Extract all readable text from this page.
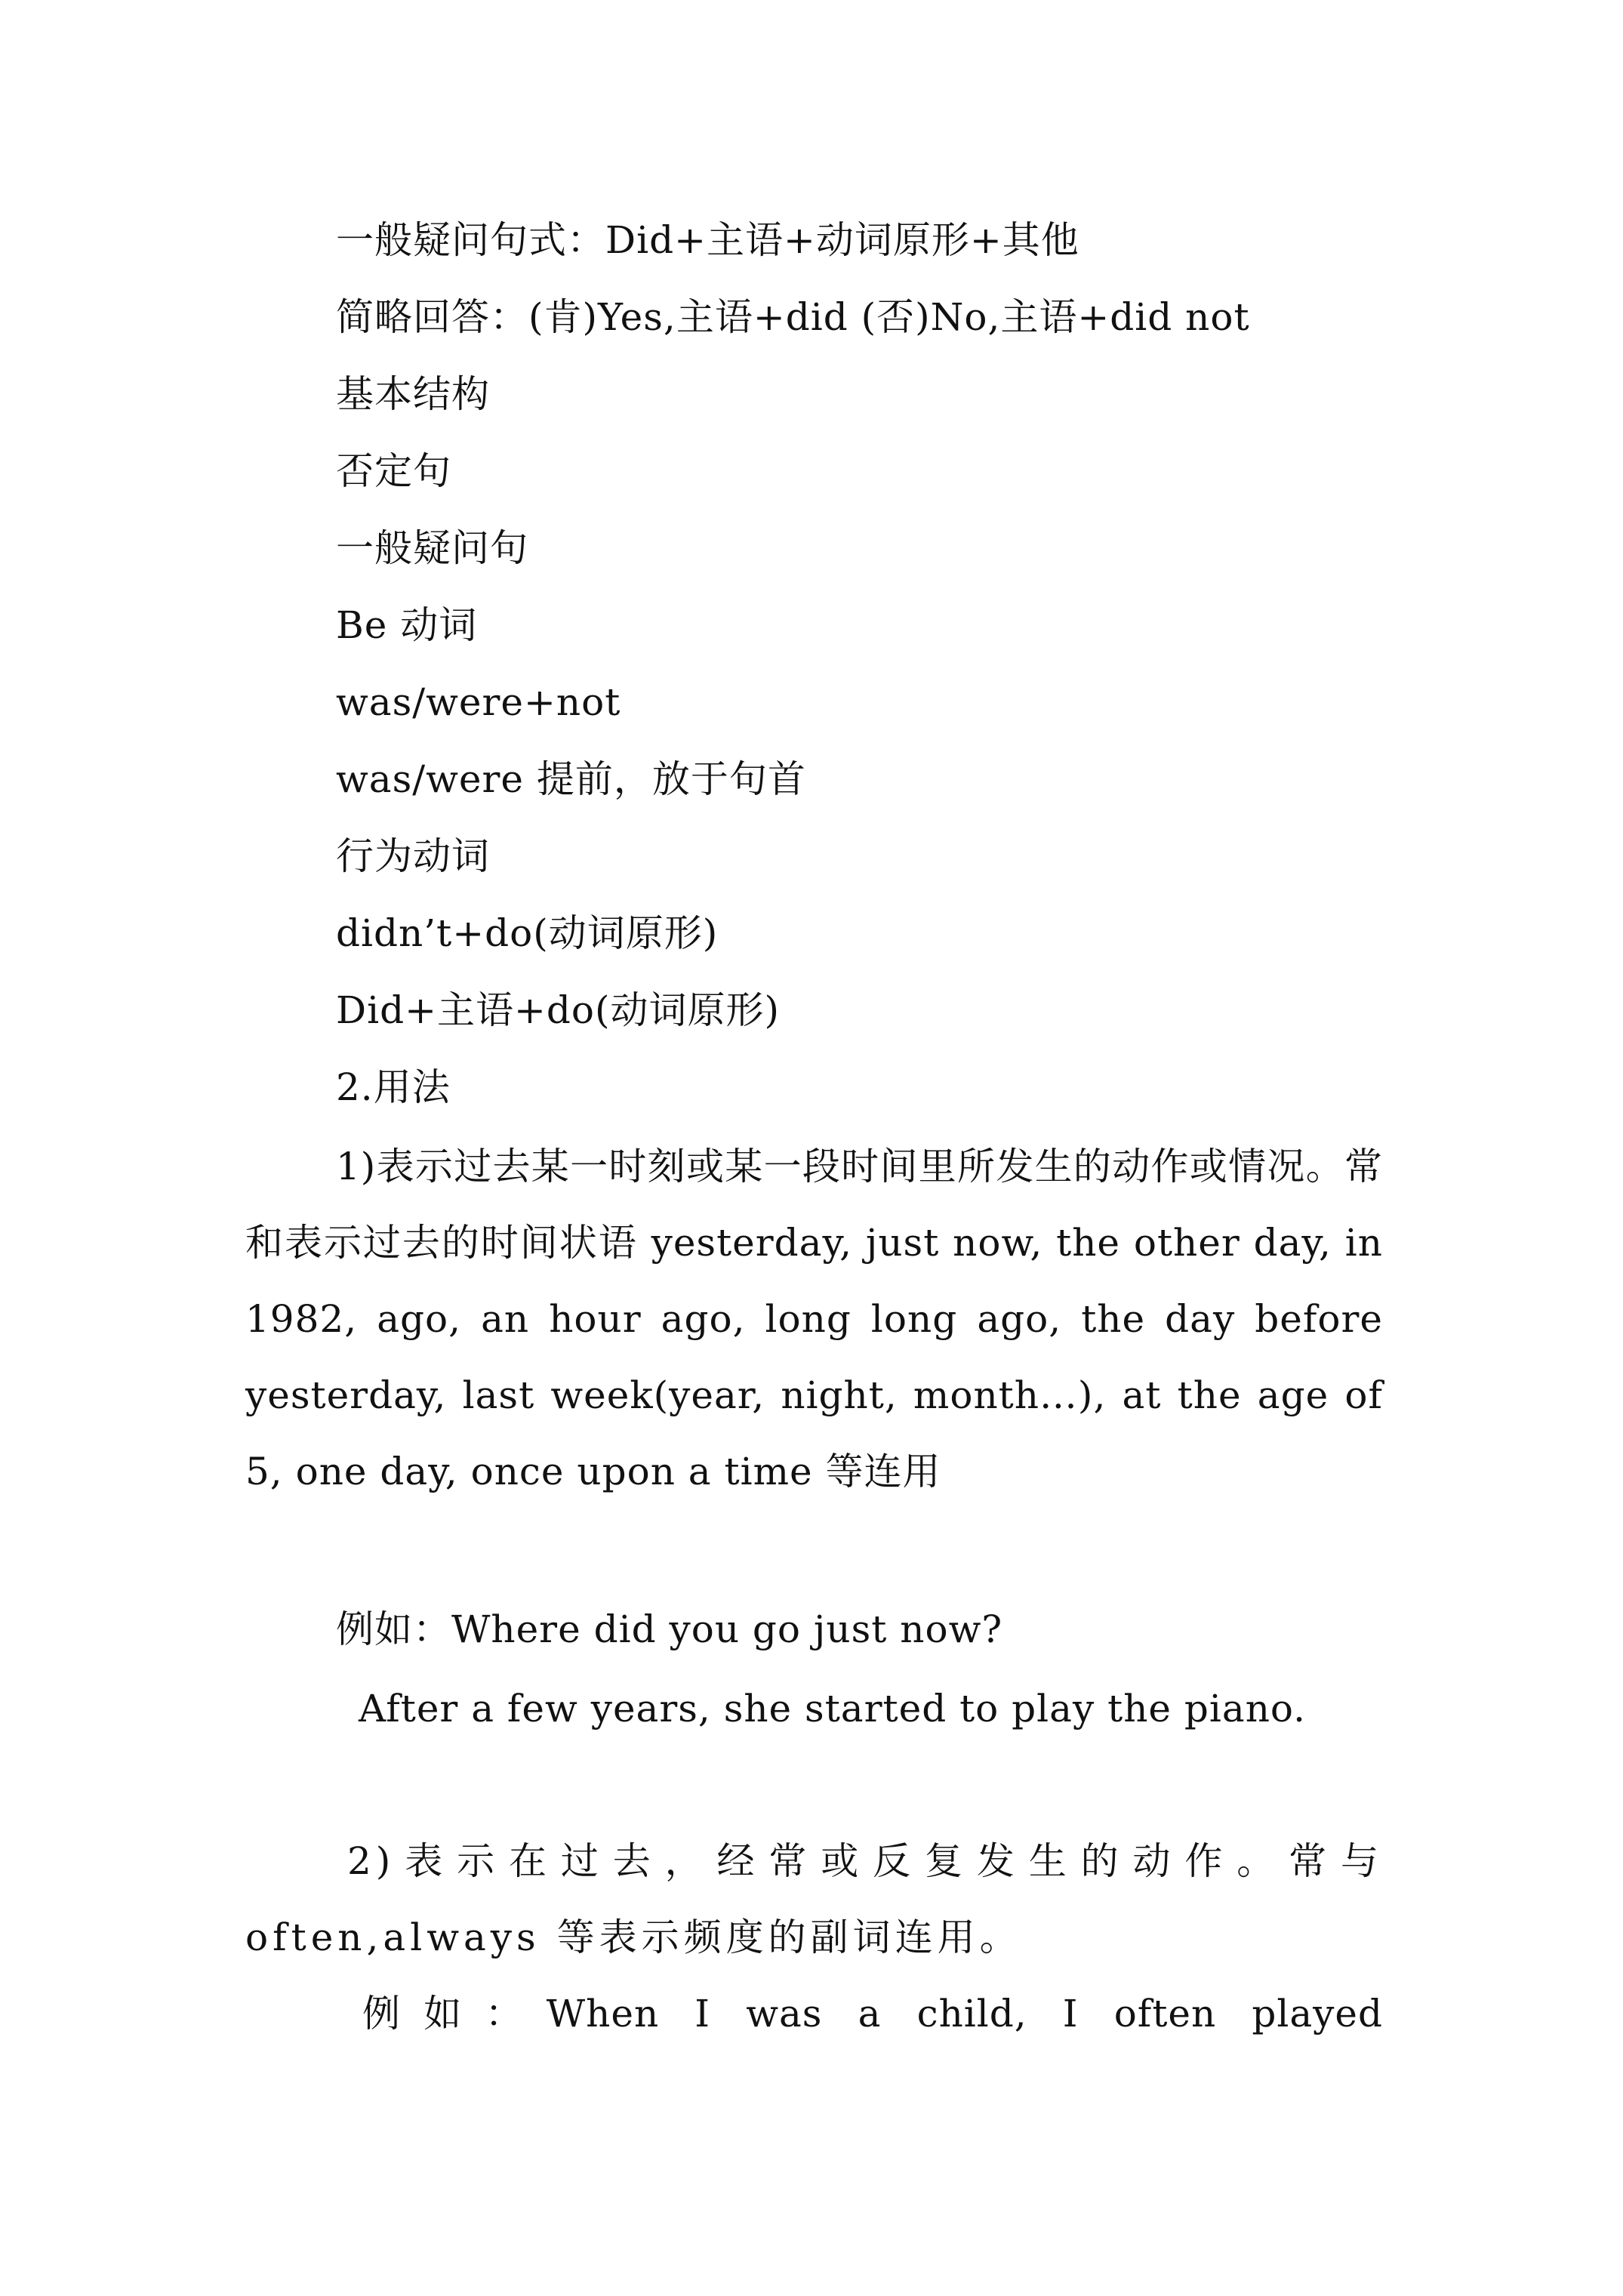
一般疑问句式：Did+主语+动词原形+其他
简略回答：(肯)Yes,主语+did (否)No,主语+did not
基本结构
否定句
一般疑问句
Be 动词
was/were+not
was/were 提前，放于句首
行为动词
didn’t+do(动词原形)
Did+主语+do(动词原形)
2.用法
1)表示过去某一时刻或某一段时间里所发生的动作或情况。常和表示过去的时间状语 yesterday, just now, the other day, in 1982, ago, an hour ago, long long ago, the day before yesterday, last week(year, night, month…), at the age of 5, one day, once upon a time 等连用
例如：Where did you go just now?
After a few years, she started to play the piano.
2)表示在过去，经常或反复发生的动作。常与 often,always 等表示频度的副词连用。
例如：When I was a child, I often played
